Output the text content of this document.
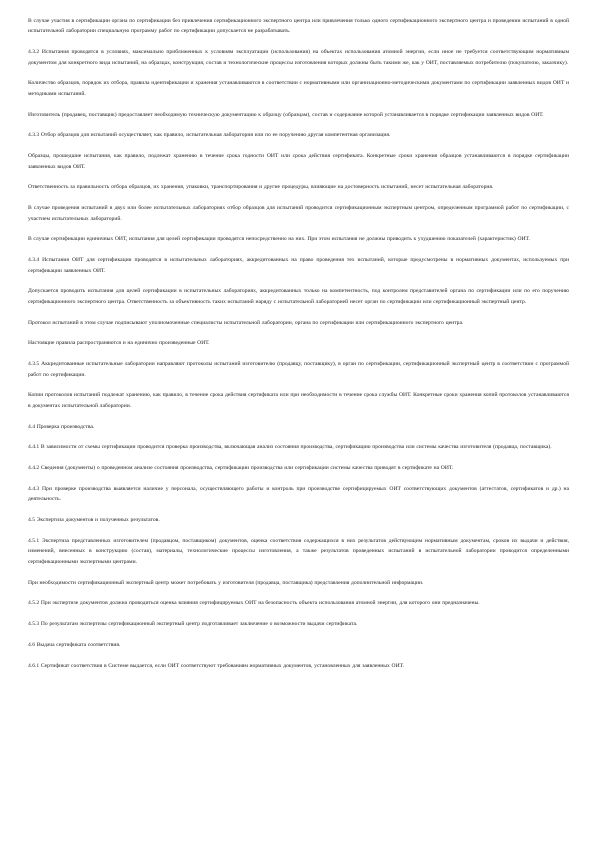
В случае участия в сертификации органа по сертификации без привлечения сертификационного экспертного центра или привлечения только одного сертификационного экспертного центра и проведении испытаний в одной испытательной лаборатории специальную программу работ по сертификации допускается не разрабатывать.

4.3.2 Испытания проводятся в условиях, максимально приближенных к условиям эксплуатации (использования) на объектах использования атомной энергии, если иное не требуется соответствующим нормативным документом для конкретного вида испытаний, на образцах, конструкция, состав и технологические процессы изготовления которых должны быть такими же, как у ОИТ, поставляемых потребителю (покупателю, заказчику).

Количество образцов, порядок их отбора, правила идентификации и хранения устанавливаются в соответствии с нормативными или организационно-методическими документами по сертификации заявленных видов ОИТ и методиками испытаний.

Изготовитель (продавец, поставщик) предоставляет необходимую техническую документацию к образцу (образцам), состав и содержание которой устанавливается в порядке сертификации заявленных видов ОИТ.

4.3.3 Отбор образцов для испытаний осуществляет, как правило, испытательная лаборатория или по ее поручению другая компетентная организация.

Образцы, прошедшие испытания, как правило, подлежат хранению в течение срока годности ОИТ или срока действия сертификата. Конкретные сроки хранения образцов устанавливаются в порядке сертификации заявленных видов ОИТ.

Ответственность за правильность отбора образцов, их хранения, упаковки, транспортирования и другие процедуры, влияющие на достоверность испытаний, несет испытательная лаборатория.

В случае проведения испытаний в двух или более испытательных лабораториях отбор образцов для испытаний проводится сертификационным экспертным центром, определенным программой работ по сертификации, с участием испытательных лабораторий.

В случае сертификации единичных ОИТ, испытания для целей сертификации проводятся непосредственно на них. При этом испытания не должны приводить к ухудшению показателей (характеристик) ОИТ.

4.3.4 Испытания ОИТ для сертификации проводятся в испытательных лабораториях, аккредитованных на право проведения тех испытаний, которые предусмотрены в нормативных документах, используемых при сертификации заявленных ОИТ.

Допускается проводить испытания для целей сертификации в испытательных лабораториях, аккредитованных только на компетентность, под контролем представителей органа по сертификации или по его поручению сертификационного экспертного центра. Ответственность за объективность таких испытаний наряду с испытательной лабораторией несет орган по сертификации или сертификационный экспертный центр.

Протокол испытаний в этом случае подписывают уполномоченные специалисты испытательной лаборатории, органа по сертификации или сертификационного экспертного центра.

Настоящие правила распространяются и на единично произведенные ОИТ.

4.3.5 Аккредитованные испытательные лаборатории направляют протоколы испытаний изготовителю (продавцу, поставщику), в орган по сертификации, сертификационный экспертный центр в соответствии с программой работ по сертификации.

Копии протоколов испытаний подлежат хранению, как правило, в течение срока действия сертификата или при необходимости в течение срока службы ОИТ. Конкретные сроки хранения копий протоколов устанавливаются в документах испытательной лаборатории.

4.4 Проверка производства.

4.4.1 В зависимости от схемы сертификации проводится проверка производства, включающая анализ состояния производства, сертификацию производства или системы качества изготовителя (продавца, поставщика).

4.4.2 Сведения (документы) о проведенном анализе состояния производства, сертификации производства или сертификации системы качества приводят в сертификате на ОИТ.

4.4.3 При проверке производства выявляется наличие у персонала, осуществляющего работы и контроль при производстве сертифицируемых ОИТ соответствующих документов (аттестатов, сертификатов и др.) на деятельность.

4.5 Экспертиза документов и полученных результатов.

4.5.1 Экспертиза представленных изготовителем (продавцом, поставщиком) документов, оценка соответствия содержащихся в них результатов действующим нормативным документам, сроков их выдачи и действия, изменений, внесенных в конструкцию (состав), материалы, технологические процессы изготовления, а также результатов проведенных испытаний в испытательной лаборатории проводится определенными сертификационными экспертными центрами.

При необходимости сертификационный экспертный центр может потребовать у изготовителя (продавца, поставщика) представления дополнительной информации.

4.5.2 При экспертизе документов должна проводиться оценка влияния сертифицируемых ОИТ на безопасность объекта использования атомной энергии, для которого они предназначены.

4.5.3 По результатам экспертизы сертификационный экспертный центр подготавливает заключение о возможности выдачи сертификата.

4.6 Выдача сертификата соответствия.

4.6.1 Сертификат соответствия в Системе выдается, если ОИТ соответствуют требованиям нормативных документов, установленных для заявленных ОИТ.
